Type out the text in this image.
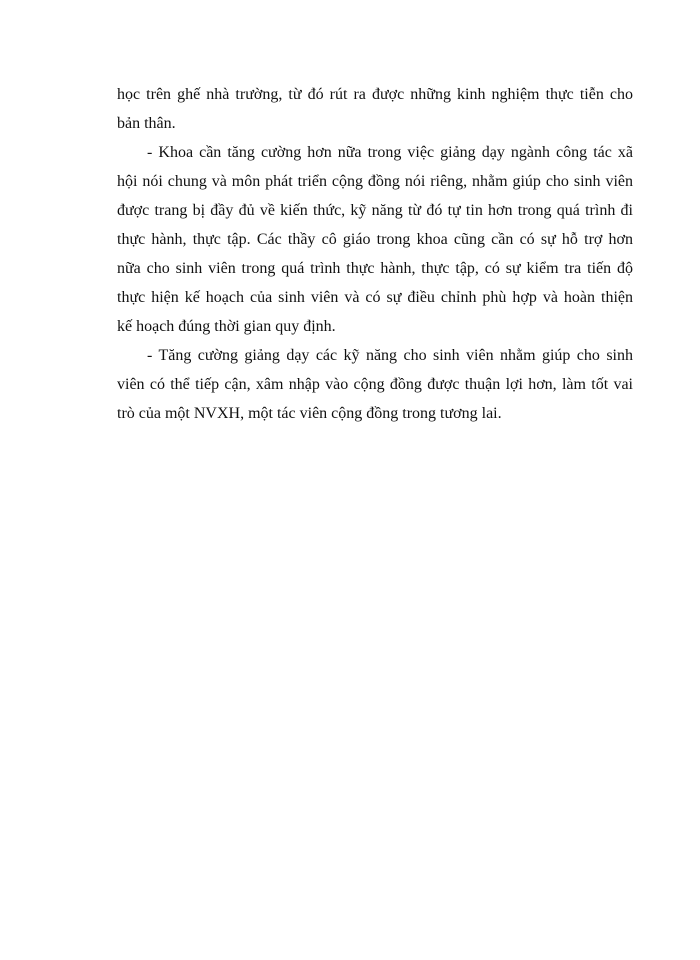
học trên ghế nhà trường, từ đó rút ra được những kinh nghiệm thực tiễn cho
bản thân.
- Khoa cần tăng cường hơn nữa trong việc giảng dạy ngành công tác xã
hội nói chung và môn phát triển cộng đồng nói riêng, nhằm giúp cho sinh viên
được trang bị đầy đủ về kiến thức, kỹ năng từ đó tự tin hơn trong quá trình đi
thực hành, thực tập. Các thầy cô giáo trong khoa cũng cần có sự hỗ trợ hơn
nữa cho sinh viên trong quá trình thực hành, thực tập, có sự kiểm tra tiến độ
thực hiện kế hoạch của sinh viên và có sự điều chỉnh phù hợp và hoàn thiện
kế hoạch đúng thời gian quy định.
- Tăng cường giảng dạy các kỹ năng cho sinh viên nhằm giúp cho sinh
viên có thể tiếp cận, xâm nhập vào cộng đồng được thuận lợi hơn, làm tốt vai
trò của một NVXH, một tác viên cộng đồng trong tương lai.
